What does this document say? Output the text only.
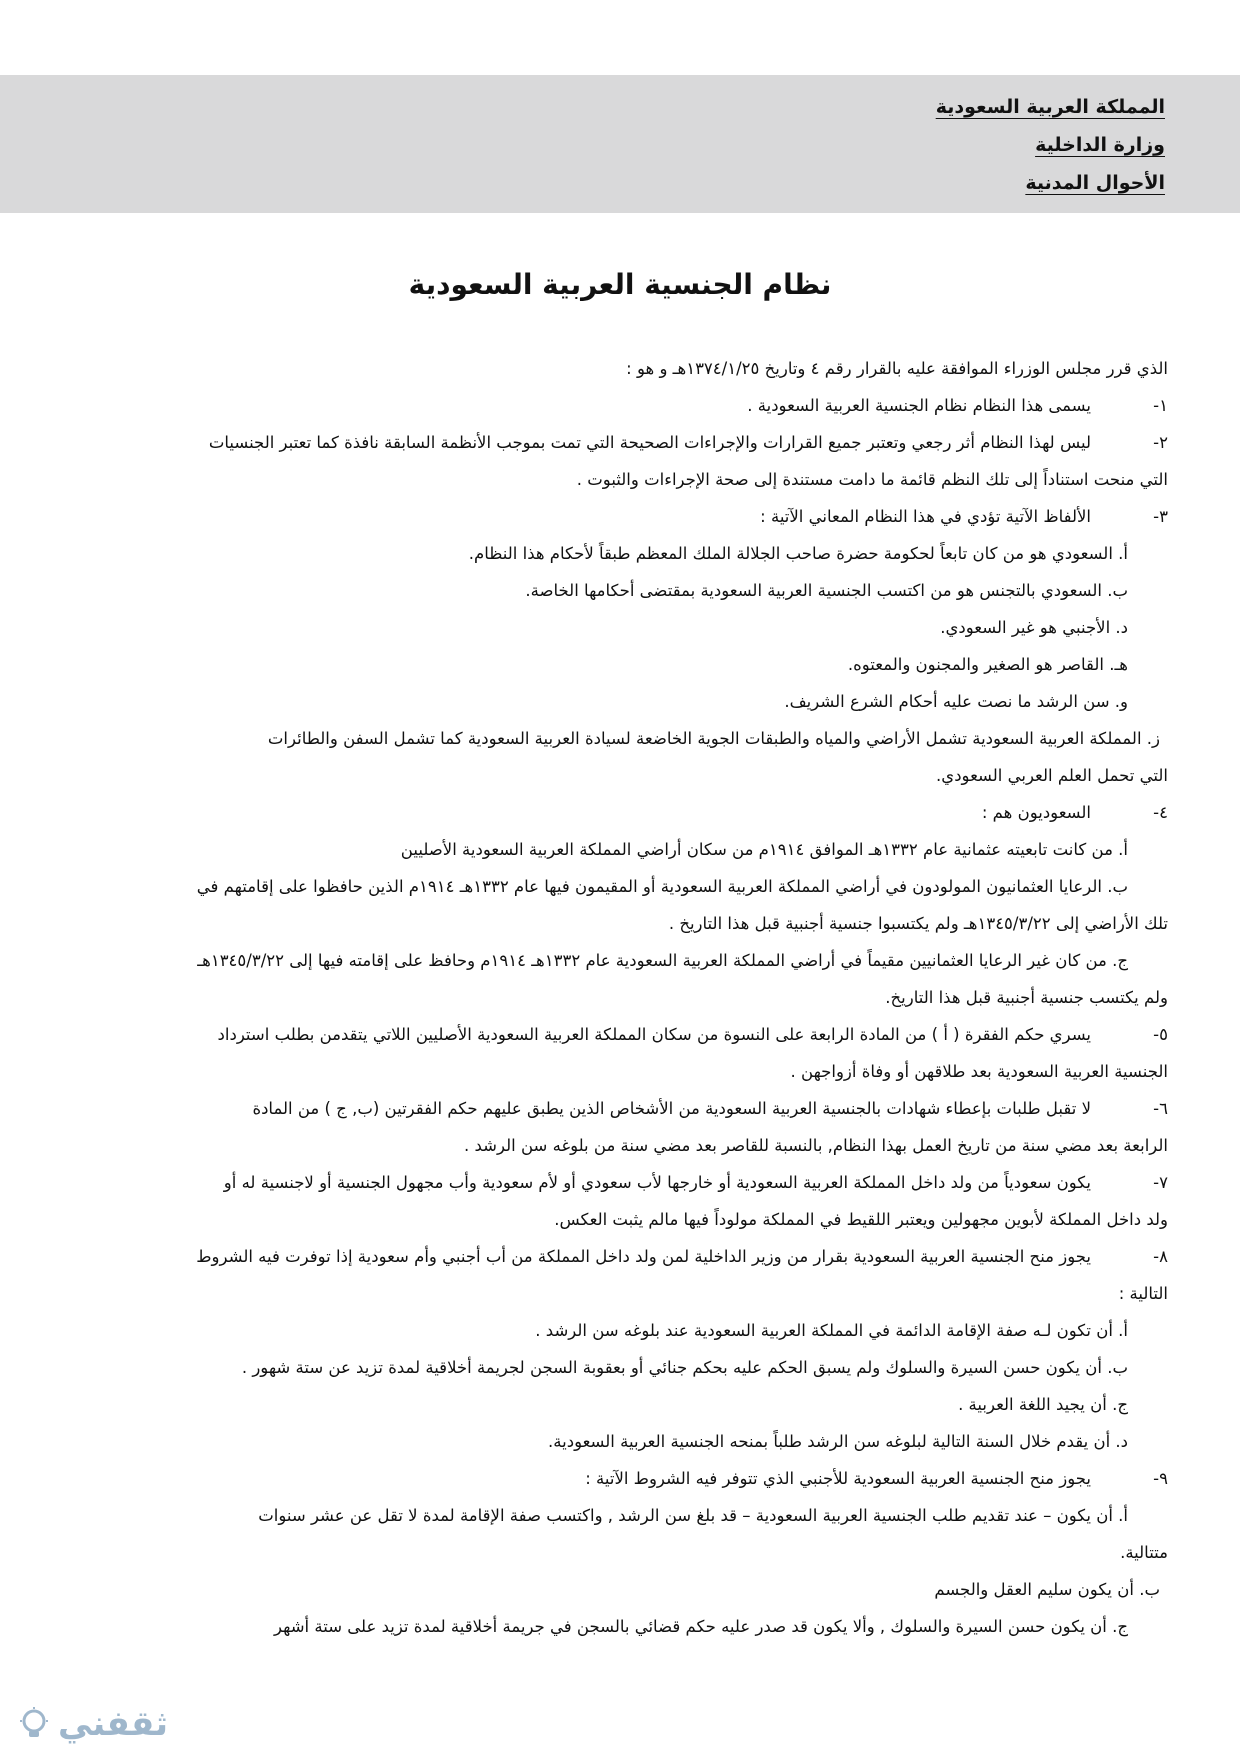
المملكة العربية السعودية
وزارة الداخلية
الأحوال المدنية
نظام الجنسية العربية السعودية
الذي قرر مجلس الوزراء الموافقة عليه بالقرار رقم ٤ وتاريخ ١٣٧٤/١/٢٥هـ و هو :
١-
يسمى هذا النظام نظام الجنسية العربية السعودية .
٢-
ليس لهذا النظام أثر رجعي وتعتبر جميع القرارات والإجراءات الصحيحة التي تمت بموجب الأنظمة السابقة نافذة كما تعتبر الجنسيات
التي منحت استناداً إلى تلك النظم قائمة ما دامت مستندة إلى صحة الإجراءات والثبوت .
٣-
الألفاظ الآتية تؤدي في هذا النظام المعاني الآتية :
أ. السعودي هو من كان تابعاً لحكومة حضرة صاحب الجلالة الملك المعظم طبقاً لأحكام هذا النظام.
ب. السعودي بالتجنس هو من اكتسب الجنسية العربية السعودية بمقتضى أحكامها الخاصة.
د. الأجنبي هو غير السعودي.
هـ. القاصر هو الصغير والمجنون والمعتوه.
و. سن الرشد ما نصت عليه أحكام الشرع الشريف.
ز. المملكة العربية السعودية تشمل الأراضي والمياه والطبقات الجوية الخاضعة لسيادة العربية السعودية كما تشمل السفن والطائرات
التي تحمل العلم العربي السعودي.
٤-
السعوديون هم :
أ. من كانت تابعيته عثمانية عام ١٣٣٢هـ الموافق ١٩١٤م من سكان أراضي المملكة العربية السعودية الأصليين
ب. الرعايا العثمانيون المولودون في أراضي المملكة العربية السعودية أو المقيمون فيها عام ١٣٣٢هـ ١٩١٤م الذين حافظوا على إقامتهم في
تلك الأراضي إلى ١٣٤٥/٣/٢٢هـ ولم يكتسبوا جنسية أجنبية قبل هذا التاريخ .
ج. من كان غير الرعايا العثمانيين مقيماً في أراضي المملكة العربية السعودية عام ١٣٣٢هـ ١٩١٤م وحافظ على إقامته فيها إلى ١٣٤٥/٣/٢٢هـ
ولم يكتسب جنسية أجنبية قبل هذا التاريخ.
٥-
يسري حكم الفقرة ( أ ) من المادة الرابعة على النسوة من سكان المملكة العربية السعودية الأصليين اللاتي يتقدمن بطلب استرداد
الجنسية العربية السعودية بعد طلاقهن أو وفاة أزواجهن .
٦-
لا تقبل طلبات بإعطاء شهادات بالجنسية العربية السعودية من الأشخاص الذين يطبق عليهم حكم الفقرتين (ب, ج ) من المادة
الرابعة بعد مضي سنة من تاريخ العمل بهذا النظام, بالنسبة للقاصر بعد مضي سنة من بلوغه سن الرشد .
٧-
يكون سعودياً من ولد داخل المملكة العربية السعودية أو خارجها لأب سعودي أو لأم سعودية وأب مجهول الجنسية أو لاجنسية له أو
ولد داخل المملكة لأبوين مجهولين ويعتبر اللقيط في المملكة مولوداً فيها مالم يثبت العكس.
٨-
يجوز منح الجنسية العربية السعودية بقرار من وزير الداخلية لمن ولد داخل المملكة من أب أجنبي وأم سعودية إذا توفرت فيه الشروط
التالية :
أ. أن تكون لـه صفة الإقامة الدائمة في المملكة العربية السعودية عند بلوغه سن الرشد .
ب. أن يكون حسن السيرة والسلوك ولم يسبق الحكم عليه بحكم جنائي أو بعقوبة السجن لجريمة أخلاقية لمدة تزيد عن ستة شهور .
ج. أن يجيد اللغة العربية .
د. أن يقدم خلال السنة التالية لبلوغه سن الرشد طلباً بمنحه الجنسية العربية السعودية.
٩-
يجوز منح الجنسية العربية السعودية للأجنبي الذي تتوفر فيه الشروط الآتية :
أ. أن يكون – عند تقديم طلب الجنسية العربية السعودية – قد بلغ سن الرشد , واكتسب صفة الإقامة لمدة لا تقل عن عشر سنوات
متتالية.
ب. أن يكون سليم العقل والجسم
ج. أن يكون حسن السيرة والسلوك , وألا يكون قد صدر عليه حكم قضائي بالسجن في جريمة أخلاقية لمدة تزيد على ستة أشهر
ثقفني
